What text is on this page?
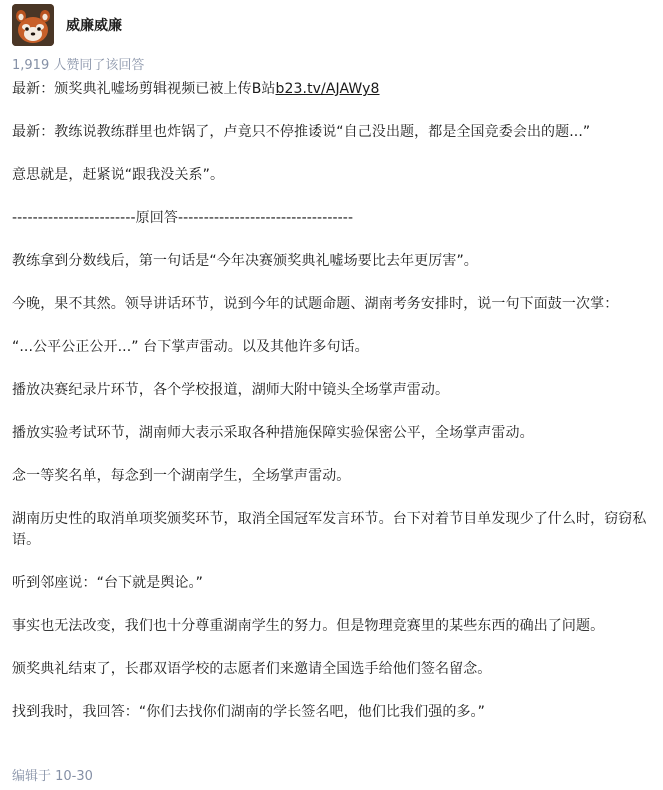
威廉威廉
1,919 人赞同了该回答

最新：颁奖典礼嘘场剪辑视频已被上传B站b23.tv/AJAWy8

最新：教练说教练群里也炸锅了，卢竟只不停推诿说“自己没出题，都是全国竞委会出的题...”

意思就是，赶紧说“跟我没关系”。

------------------------原回答----------------------------------

教练拿到分数线后，第一句话是“今年决赛颁奖典礼嘘场要比去年更厉害”。

今晚，果不其然。领导讲话环节，说到今年的试题命题、湖南考务安排时，说一句下面鼓一次掌：

“...公平公正公开...” 台下掌声雷动。以及其他许多句话。

播放决赛纪录片环节，各个学校报道，湖师大附中镜头全场掌声雷动。

播放实验考试环节，湖南师大表示采取各种措施保障实验保密公平，全场掌声雷动。

念一等奖名单，每念到一个湖南学生，全场掌声雷动。

湖南历史性的取消单项奖颁奖环节，取消全国冠军发言环节。台下对着节目单发现少了什么时，窃窃私语。

听到邻座说：“台下就是舆论。”

事实也无法改变，我们也十分尊重湖南学生的努力。但是物理竞赛里的某些东西的确出了问题。

颁奖典礼结束了，长郡双语学校的志愿者们来邀请全国选手给他们签名留念。

找到我时，我回答：“你们去找你们湖南的学长签名吧，他们比我们强的多。”

编辑于 10-30
